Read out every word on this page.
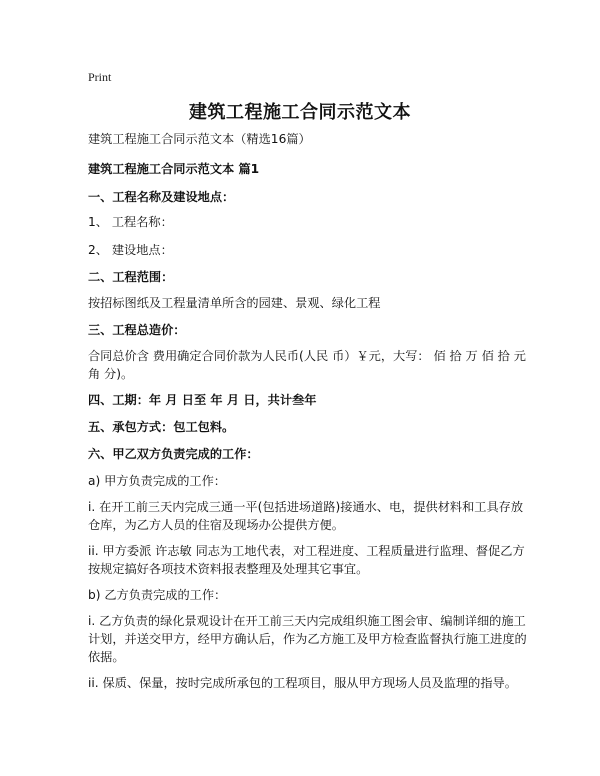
Print
建筑工程施工合同示范文本
建筑工程施工合同示范文本（精选16篇）
建筑工程施工合同示范文本 篇1
一、工程名称及建设地点：
1、 工程名称：
2、 建设地点：
二、工程范围：
按招标图纸及工程量清单所含的园建、景观、绿化工程
三、工程总造价：
合同总价含 费用确定合同价款为人民币(人民 币）￥元，大写： 佰 拾 万 佰 拾 元
角 分)。
四、工期：年 月 日至 年 月 日，共计叁年
五、承包方式：包工包料。
六、甲乙双方负责完成的工作：
a) 甲方负责完成的工作：
i. 在开工前三天内完成三通一平(包括进场道路)接通水、电，提供材料和工具存放
仓库，为乙方人员的住宿及现场办公提供方便。
ii. 甲方委派 许志敏 同志为工地代表，对工程进度、工程质量进行监理、督促乙方
按规定搞好各项技术资料报表整理及处理其它事宜。
b) 乙方负责完成的工作：
i. 乙方负责的绿化景观设计在开工前三天内完成组织施工图会审、编制详细的施工
计划，并送交甲方，经甲方确认后，作为乙方施工及甲方检查监督执行施工进度的
依据。
ii. 保质、保量，按时完成所承包的工程项目，服从甲方现场人员及监理的指导。
